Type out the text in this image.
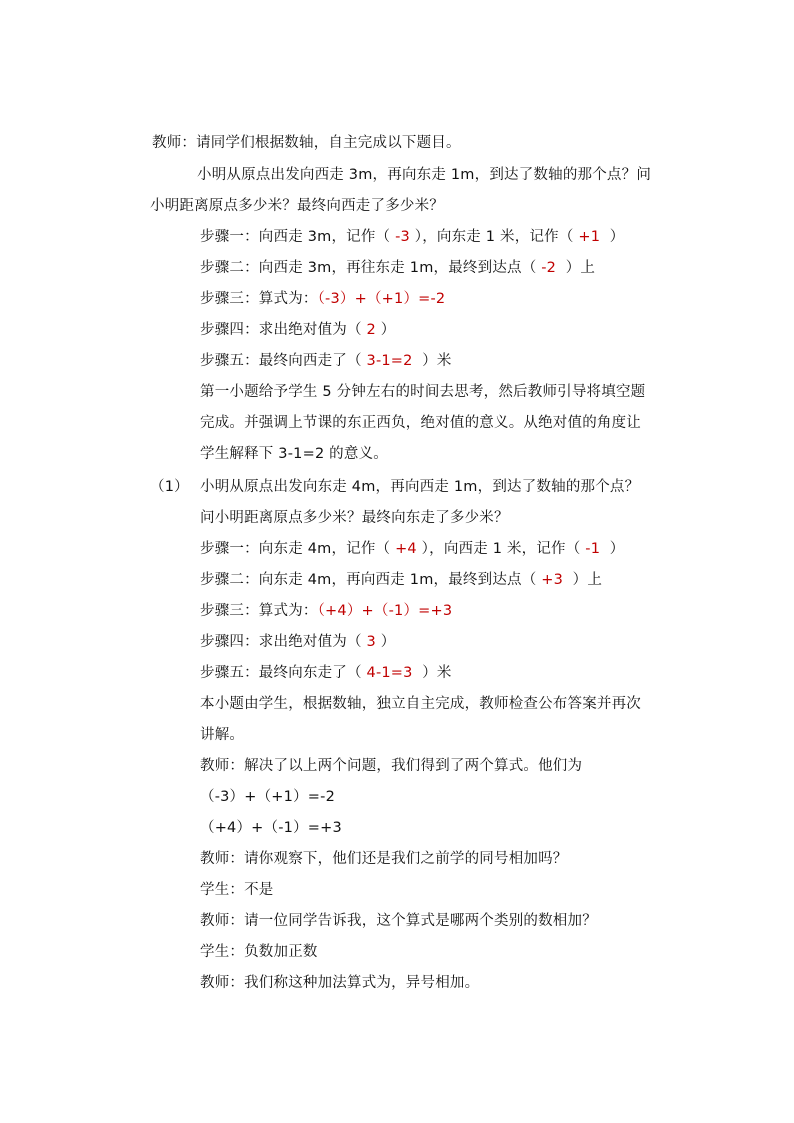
教师：请同学们根据数轴，自主完成以下题目。
小明从原点出发向西走 3m，再向东走 1m，到达了数轴的那个点？问
小明距离原点多少米？最终向西走了多少米？
步骤一：向西走 3m，记作（ -3 ），向东走 1 米，记作（ +1  ）
步骤二：向西走 3m，再往东走 1m，最终到达点（ -2  ）上
步骤三：算式为：（-3）+（+1）=-2
步骤四：求出绝对值为（ 2 ）
步骤五：最终向西走了（ 3-1=2  ）米
第一小题给予学生 5 分钟左右的时间去思考，然后教师引导将填空题
完成。并强调上节课的东正西负，绝对值的意义。从绝对值的角度让
学生解释下 3-1=2 的意义。
（1） 小明从原点出发向东走 4m，再向西走 1m，到达了数轴的那个点？
问小明距离原点多少米？最终向东走了多少米？
步骤一：向东走 4m，记作（ +4 ），向西走 1 米，记作（ -1  ）
步骤二：向东走 4m，再向西走 1m，最终到达点（ +3  ）上
步骤三：算式为：（+4）+（-1）=+3
步骤四：求出绝对值为（ 3 ）
步骤五：最终向东走了（ 4-1=3  ）米
本小题由学生，根据数轴，独立自主完成，教师检查公布答案并再次
讲解。
教师：解决了以上两个问题，我们得到了两个算式。他们为
（-3）+（+1）=-2
（+4）+（-1）=+3
教师：请你观察下，他们还是我们之前学的同号相加吗？
学生：不是
教师：请一位同学告诉我，这个算式是哪两个类别的数相加？
学生：负数加正数
教师：我们称这种加法算式为，异号相加。
